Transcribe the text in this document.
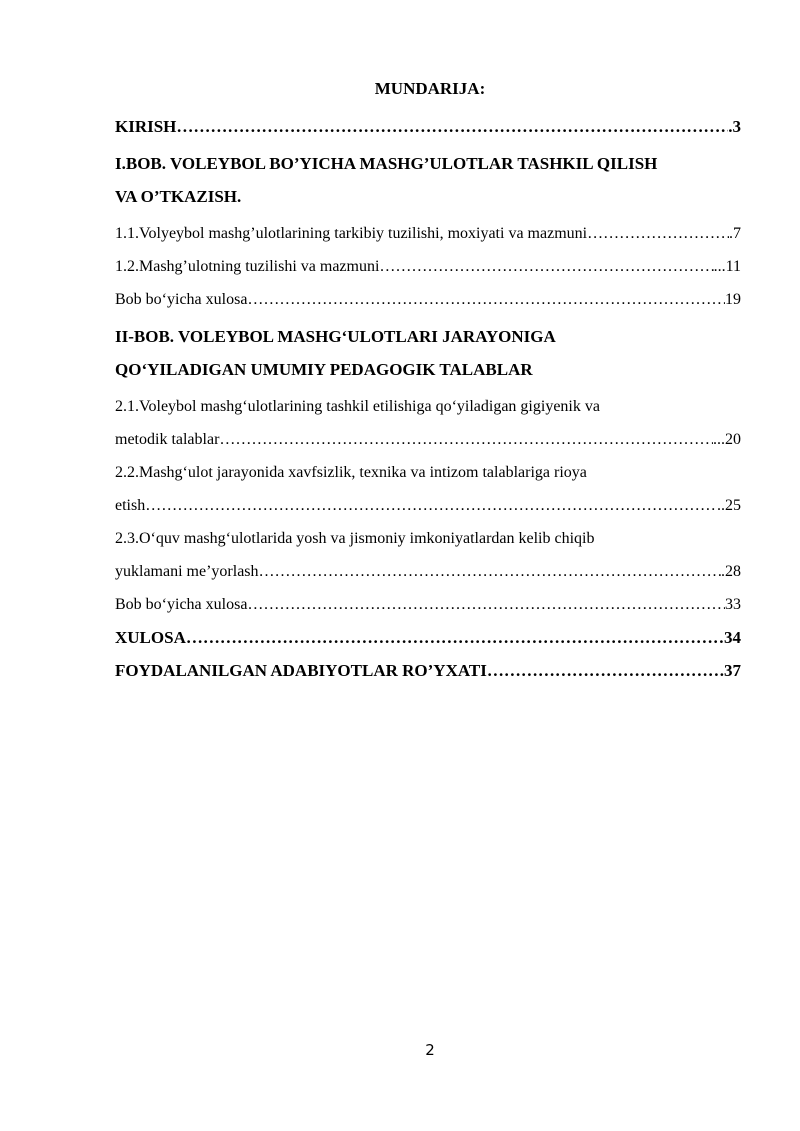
MUNDARIJA:
KIRISH ………………………………………………………………………………………………………………………………………………………………	.3
I.BOB. VOLEYBOL BO’YICHA MASHG’ULOTLAR TASHKIL QILISH
VA O’TKAZISH.
1.1.Volyeybol mashg’ulotlarining tarkibiy tuzilishi, moxiyati va mazmuni ………………………………………………………………………………………………………………………………………………………………	.7
1.2.Mashg’ulotning tuzilishi va mazmuni ………………………………………………………………………………………………………………………………………………………………	...11
Bob bo‘yicha xulosa ………………………………………………………………………………………………………………………………………………………………	19
II-BOB. VOLEYBOL MASHG‘ULOTLARI JARAYONIGA
QO‘YILADIGAN UMUMIY PEDAGOGIK TALABLAR
2.1.Voleybol mashg‘ulotlarining tashkil etilishiga qo‘yiladigan gigiyenik va
metodik talablar ………………………………………………………………………………………………………………………………………………………………	...20
2.2.Mashg‘ulot jarayonida xavfsizlik, texnika va intizom talablariga rioya
etish ………………………………………………………………………………………………………………………………………………………………	..25
2.3.O‘quv mashg‘ulotlarida yosh va jismoniy imkoniyatlardan kelib chiqib
yuklamani me’yorlash ………………………………………………………………………………………………………………………………………………………………	.28
Bob bo‘yicha xulosa ………………………………………………………………………………………………………………………………………………………………	33
XULOSA ………………………………………………………………………………………………………………………………………………………………	34
FOYDALANILGAN ADABIYOTLAR RO’YXATI ………………………………………………………………………………………………………………………………………………………………	.37
2
